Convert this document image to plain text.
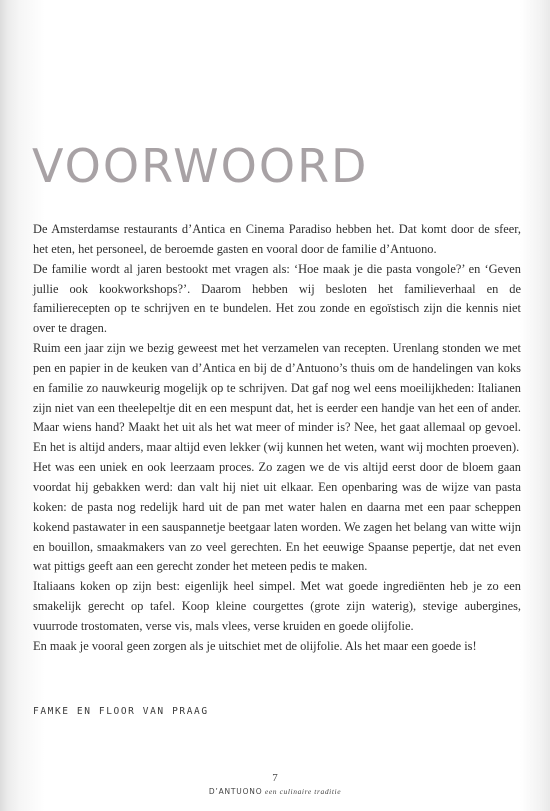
VOORWOORD

De Amsterdamse restaurants d’Antica en Cinema Paradiso hebben het. Dat komt door de sfeer, het eten, het personeel, de beroemde gasten en vooral door de familie d’Antuono.

De familie wordt al jaren bestookt met vragen als: ‘Hoe maak je die pasta vongole?’ en ‘Geven jullie ook kookworkshops?’. Daarom hebben wij besloten het familieverhaal en de familierecepten op te schrijven en te bundelen. Het zou zonde en egoïstisch zijn die kennis niet over te dragen.

Ruim een jaar zijn we bezig geweest met het verzamelen van recepten. Urenlang stonden we met pen en papier in de keuken van d’Antica en bij de d’Antuono’s thuis om de handelingen van koks en familie zo nauwkeurig mogelijk op te schrijven. Dat gaf nog wel eens moeilijkheden: Italianen zijn niet van een theelepeltje dit en een mespunt dat, het is eerder een handje van het een of ander. Maar wiens hand? Maakt het uit als het wat meer of minder is? Nee, het gaat allemaal op gevoel. En het is altijd anders, maar altijd even lekker (wij kunnen het weten, want wij mochten proeven).

Het was een uniek en ook leerzaam proces. Zo zagen we de vis altijd eerst door de bloem gaan voordat hij gebakken werd: dan valt hij niet uit elkaar. Een openbaring was de wijze van pasta koken: de pasta nog redelijk hard uit de pan met water halen en daarna met een paar scheppen kokend pastawater in een sauspannetje beetgaar laten worden. We zagen het belang van witte wijn en bouillon, smaakmakers van zo veel gerechten. En het eeuwige Spaanse pepertje, dat net even wat pittigs geeft aan een gerecht zonder het meteen pedis te maken.

Italiaans koken op zijn best: eigenlijk heel simpel. Met wat goede ingrediënten heb je zo een smakelijk gerecht op tafel. Koop kleine courgettes (grote zijn waterig), stevige aubergines, vuurrode trostomaten, verse vis, mals vlees, verse kruiden en goede olijfolie.

En maak je vooral geen zorgen als je uitschiet met de olijfolie. Als het maar een goede is!

FAMKE EN FLOOR VAN PRAAG
7
D’ANTUONO een culinaire traditie
